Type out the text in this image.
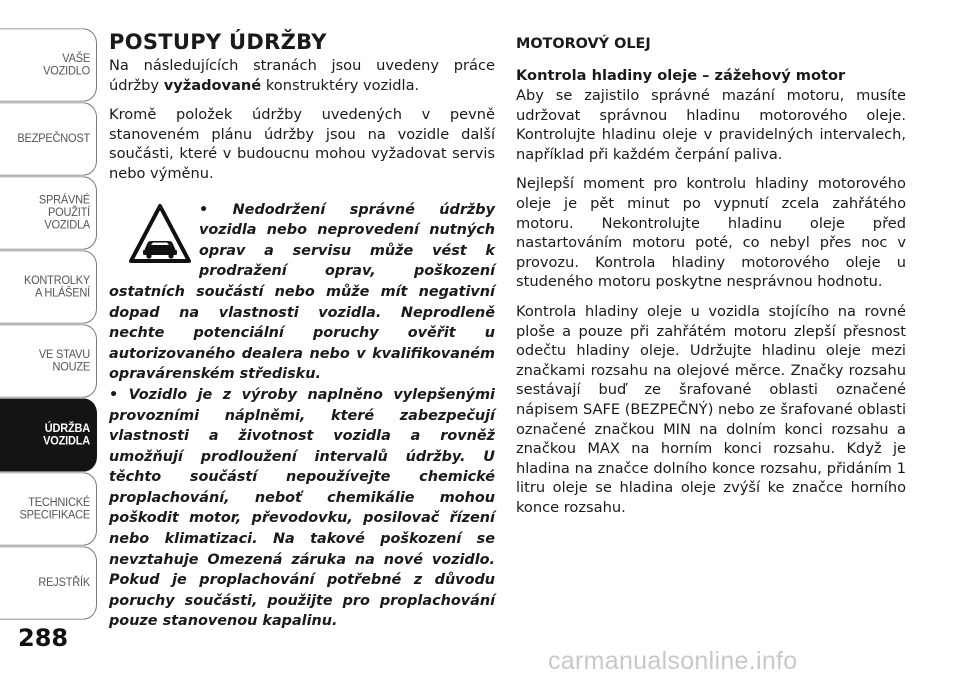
VAŠE
VOZIDLO
BEZPEČNOST
SPRÁVNÉ
POUŽITÍ
VOZIDLA
KONTROLKY
A HLÁŠENÍ
VE STAVU
NOUZE
ÚDRŽBA
VOZIDLA
TECHNICKÉ
SPECIFIKACE
REJSTŘÍK
288
POSTUPY ÚDRŽBY

Na následujících stranách jsou uvedeny práce údržby vyžadované konstruktéry vozidla.

Kromě položek údržby uvedených v pevně stanoveném plánu údržby jsou na vozidle další součásti, které v budoucnu mohou vyžadovat servis nebo výměnu.

• Nedodržení správné údržby vozidla nebo neprovedení nutných oprav a servisu může vést k prodražení oprav, poškození ostatních součástí nebo může mít negativní dopad na vlastnosti vozidla. Neprodleně nechte potenciální poruchy ověřit u autorizovaného dealera nebo v kvalifikovaném opravárenském středisku.

• Vozidlo je z výroby naplněno vylepšenými provozními náplněmi, které zabezpečují vlastnosti a životnost vozidla a rovněž umožňují prodloužení intervalů údržby. U těchto součástí nepoužívejte chemické proplachování, neboť chemikálie mohou poškodit motor, převodovku, posilovač řízení nebo klimatizaci. Na takové poškození se nevztahuje Omezená záruka na nové vozidlo. Pokud je proplachování potřebné z důvodu poruchy součásti, použijte pro proplachování pouze stanovenou kapalinu.

MOTOROVÝ OLEJ
Kontrola hladiny oleje – zážehový motor

Aby se zajistilo správné mazání motoru, musíte udržovat správnou hladinu motorového oleje. Kontrolujte hladinu oleje v pravidelných intervalech, například při každém čerpání paliva.

Nejlepší moment pro kontrolu hladiny motorového oleje je pět minut po vypnutí zcela zahřátého motoru. Nekontrolujte hladinu oleje před nastartováním motoru poté, co nebyl přes noc v provozu. Kontrola hladiny motorového oleje u studeného motoru poskytne nesprávnou hodnotu.

Kontrola hladiny oleje u vozidla stojícího na rovné ploše a pouze při zahřátém motoru zlepší přesnost odečtu hladiny oleje. Udržujte hladinu oleje mezi značkami rozsahu na olejové měrce. Značky rozsahu sestávají buď ze šrafované oblasti označené nápisem SAFE (BEZPEČNÝ) nebo ze šrafované oblasti označené značkou MIN na dolním konci rozsahu a značkou MAX na horním konci rozsahu. Když je hladina na značce dolního konce rozsahu, přidáním 1 litru oleje se hladina oleje zvýší ke značce horního konce rozsahu.

carmanualsonline.info
